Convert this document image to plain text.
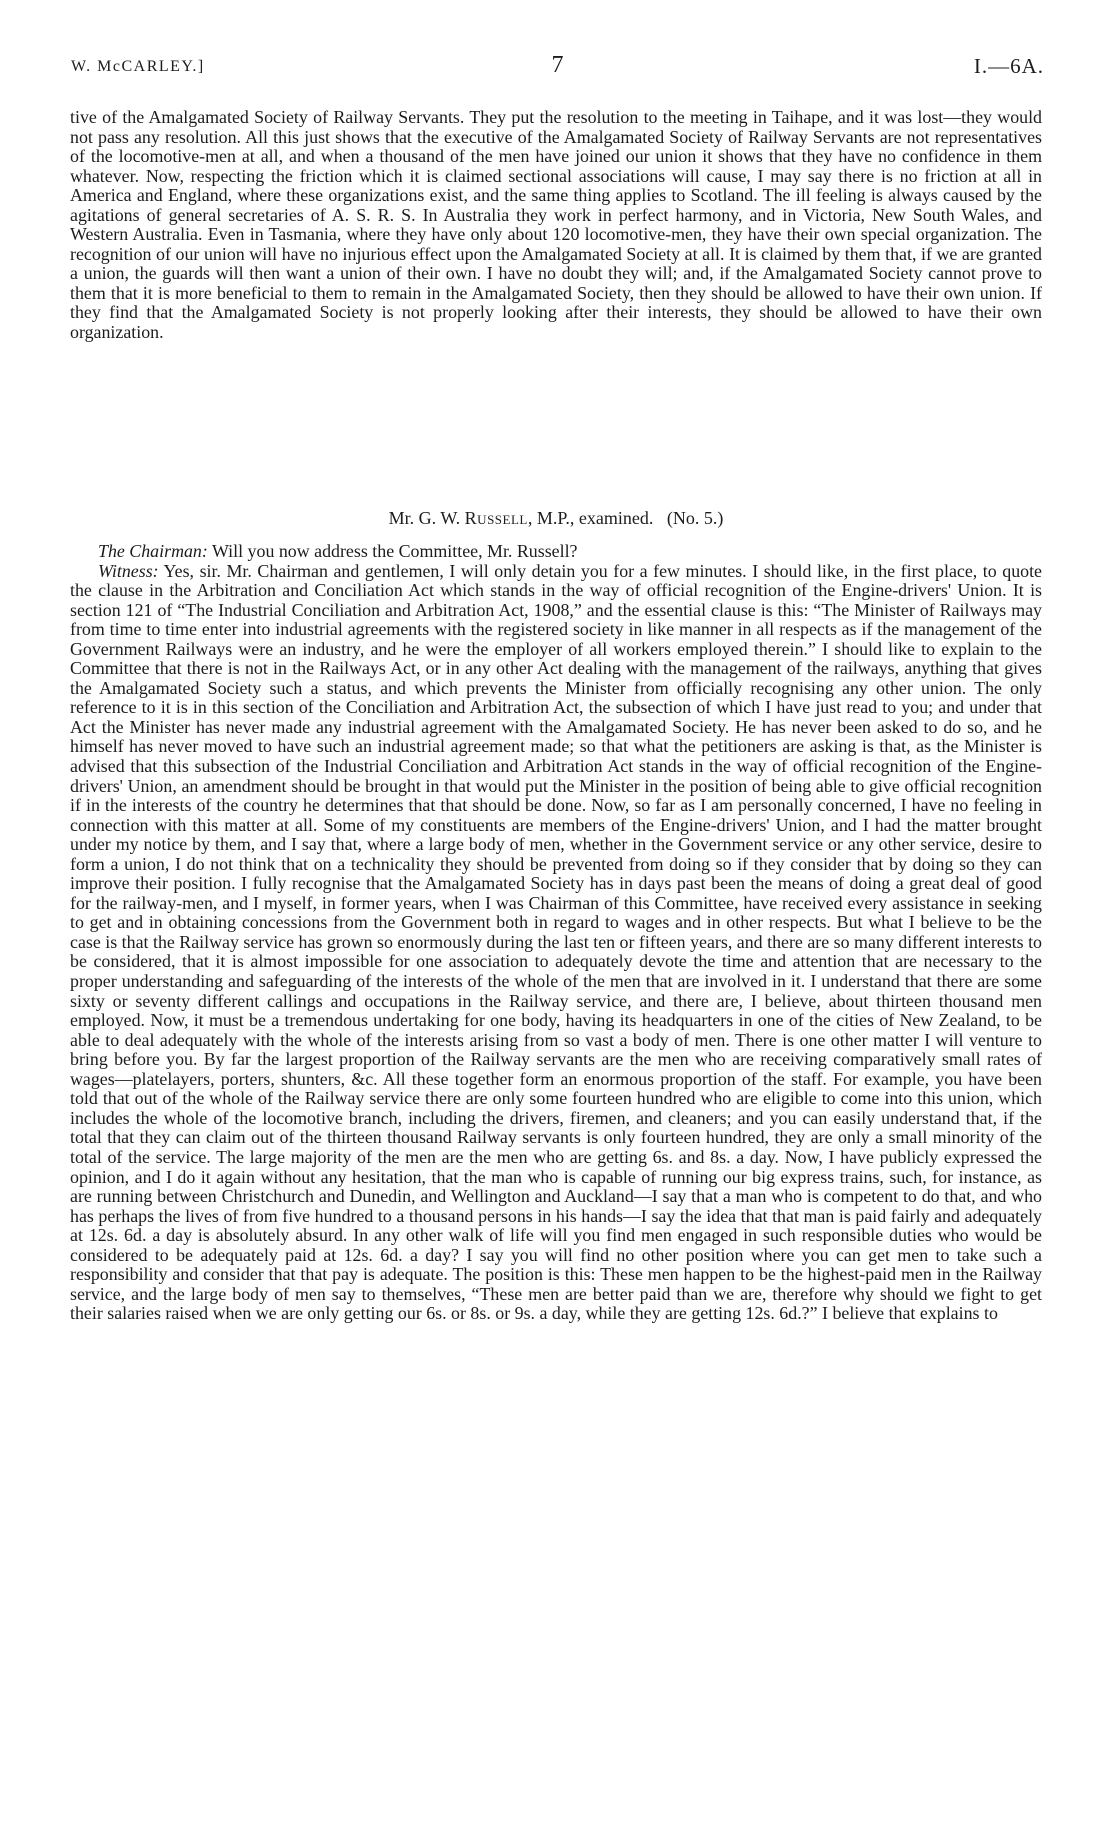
W. McCARLEY.]	7	I.—6A.

tive of the Amalgamated Society of Railway Servants. They put the resolution to the meeting in Taihape, and it was lost—they would not pass any resolution. All this just shows that the executive of the Amalgamated Society of Railway Servants are not representatives of the locomotive-men at all, and when a thousand of the men have joined our union it shows that they have no confidence in them whatever. Now, respecting the friction which it is claimed sectional associations will cause, I may say there is no friction at all in America and England, where these organizations exist, and the same thing applies to Scotland. The ill feeling is always caused by the agitations of general secretaries of A. S. R. S. In Australia they work in perfect harmony, and in Victoria, New South Wales, and Western Australia. Even in Tasmania, where they have only about 120 locomotive-men, they have their own special organization. The recognition of our union will have no injurious effect upon the Amalgamated Society at all. It is claimed by them that, if we are granted a union, the guards will then want a union of their own. I have no doubt they will; and, if the Amalgamated Society cannot prove to them that it is more beneficial to them to remain in the Amalgamated Society, then they should be allowed to have their own union. If they find that the Amalgamated Society is not properly looking after their interests, they should be allowed to have their own organization.

Mr. G. W. Russell, M.P., examined. (No. 5.)

The Chairman: Will you now address the Committee, Mr. Russell?

Witness: Yes, sir. Mr. Chairman and gentlemen, I will only detain you for a few minutes. I should like, in the first place, to quote the clause in the Arbitration and Conciliation Act which stands in the way of official recognition of the Engine-drivers' Union. It is section 121 of “The Industrial Conciliation and Arbitration Act, 1908,” and the essential clause is this: “The Minister of Railways may from time to time enter into industrial agreements with the registered society in like manner in all respects as if the management of the Government Railways were an industry, and he were the employer of all workers employed therein.” I should like to explain to the Committee that there is not in the Railways Act, or in any other Act dealing with the management of the railways, anything that gives the Amalgamated Society such a status, and which prevents the Minister from officially recognising any other union. The only reference to it is in this section of the Conciliation and Arbitration Act, the subsection of which I have just read to you; and under that Act the Minister has never made any industrial agreement with the Amalgamated Society. He has never been asked to do so, and he himself has never moved to have such an industrial agreement made; so that what the petitioners are asking is that, as the Minister is advised that this subsection of the Industrial Conciliation and Arbitration Act stands in the way of official recognition of the Engine-drivers' Union, an amendment should be brought in that would put the Minister in the position of being able to give official recognition if in the interests of the country he determines that that should be done. Now, so far as I am personally concerned, I have no feeling in connection with this matter at all. Some of my constituents are members of the Engine-drivers' Union, and I had the matter brought under my notice by them, and I say that, where a large body of men, whether in the Government service or any other service, desire to form a union, I do not think that on a technicality they should be prevented from doing so if they consider that by doing so they can improve their position. I fully recognise that the Amalgamated Society has in days past been the means of doing a great deal of good for the railway-men, and I myself, in former years, when I was Chairman of this Committee, have received every assistance in seeking to get and in obtaining concessions from the Government both in regard to wages and in other respects. But what I believe to be the case is that the Railway service has grown so enormously during the last ten or fifteen years, and there are so many different interests to be considered, that it is almost impossible for one association to adequately devote the time and attention that are necessary to the proper understanding and safeguarding of the interests of the whole of the men that are involved in it. I understand that there are some sixty or seventy different callings and occupations in the Railway service, and there are, I believe, about thirteen thousand men employed. Now, it must be a tremendous undertaking for one body, having its headquarters in one of the cities of New Zealand, to be able to deal adequately with the whole of the interests arising from so vast a body of men. There is one other matter I will venture to bring before you. By far the largest proportion of the Railway servants are the men who are receiving comparatively small rates of wages—platelayers, porters, shunters, &c. All these together form an enormous proportion of the staff. For example, you have been told that out of the whole of the Railway service there are only some fourteen hundred who are eligible to come into this union, which includes the whole of the locomotive branch, including the drivers, firemen, and cleaners; and you can easily understand that, if the total that they can claim out of the thirteen thousand Railway servants is only fourteen hundred, they are only a small minority of the total of the service. The large majority of the men are the men who are getting 6s. and 8s. a day. Now, I have publicly expressed the opinion, and I do it again without any hesitation, that the man who is capable of running our big express trains, such, for instance, as are running between Christchurch and Dunedin, and Wellington and Auckland—I say that a man who is competent to do that, and who has perhaps the lives of from five hundred to a thousand persons in his hands—I say the idea that that man is paid fairly and adequately at 12s. 6d. a day is absolutely absurd. In any other walk of life will you find men engaged in such responsible duties who would be considered to be adequately paid at 12s. 6d. a day? I say you will find no other position where you can get men to take such a responsibility and consider that that pay is adequate. The position is this: These men happen to be the highest-paid men in the Railway service, and the large body of men say to themselves, “These men are better paid than we are, therefore why should we fight to get their salaries raised when we are only getting our 6s. or 8s. or 9s. a day, while they are getting 12s. 6d.?” I believe that explains to
